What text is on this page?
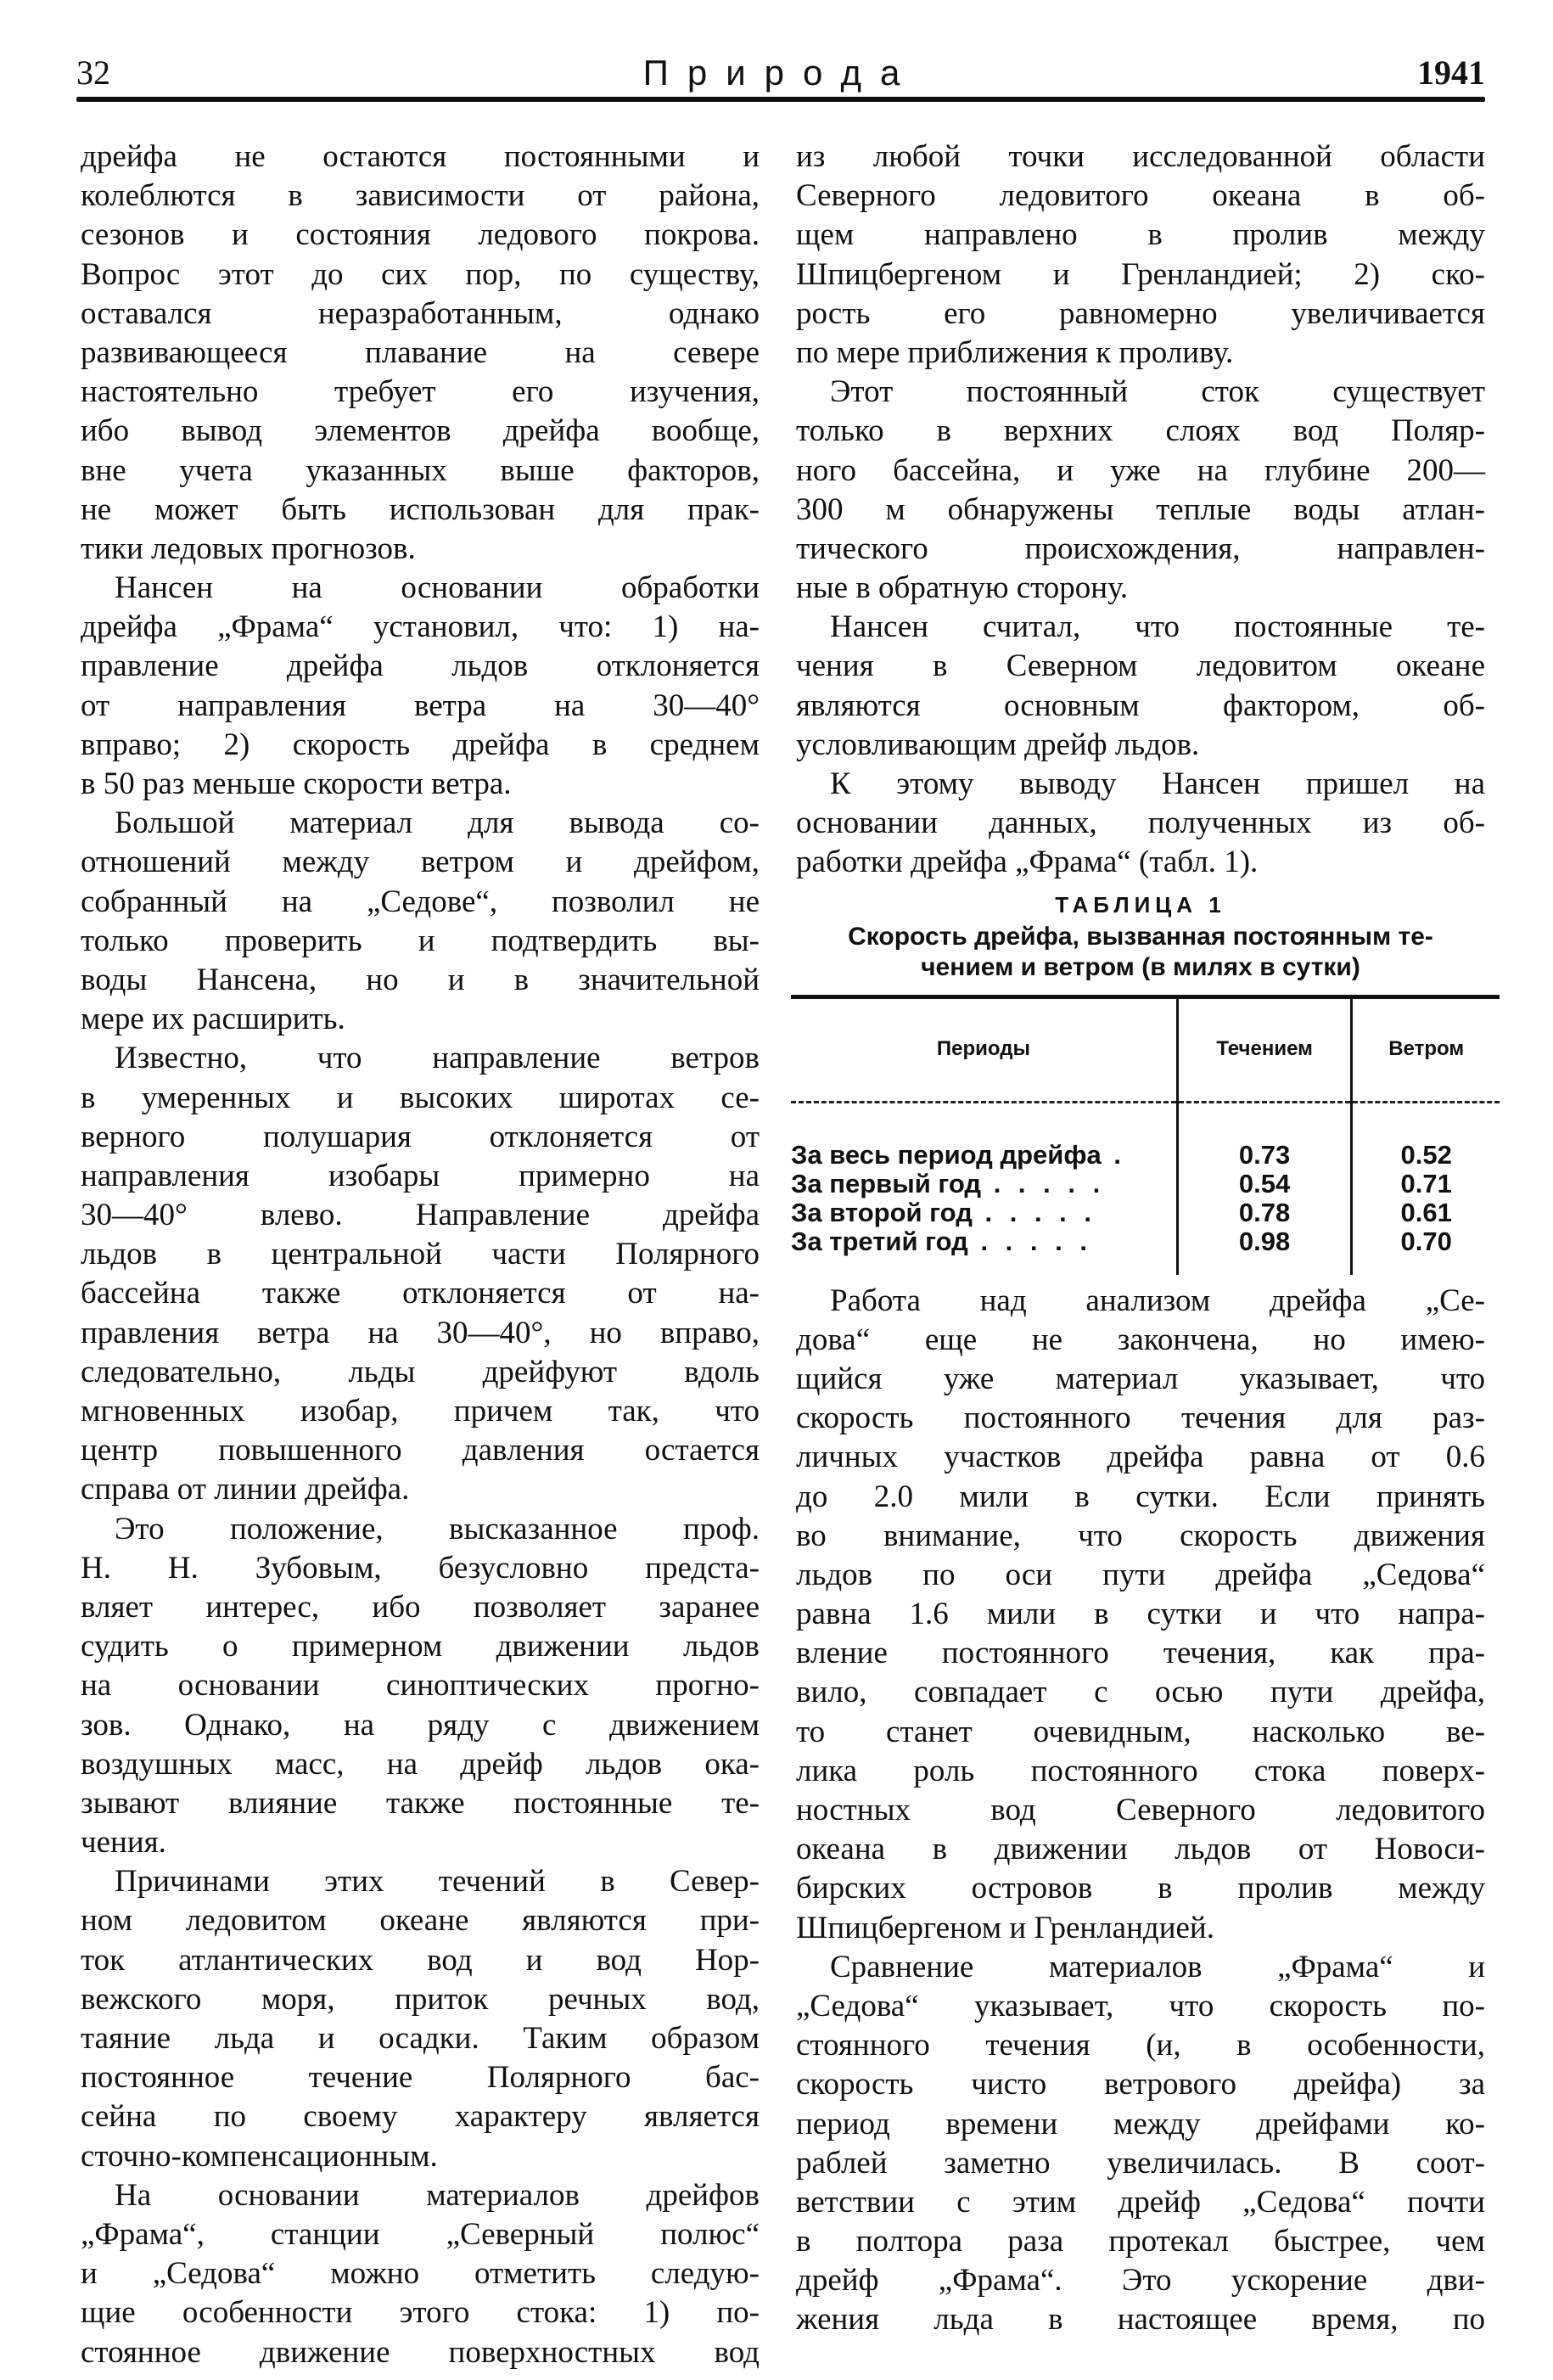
32	Природа	1941
дрейфа не остаются постоянными и
колеблются в зависимости от района,
сезонов и состояния ледового покрова.
Вопрос этот до сих пор, по существу,
оставался неразработанным, однако
развивающееся плавание на севере
настоятельно требует его изучения,
ибо вывод элементов дрейфа вообще,
вне учета указанных выше факторов,
не может быть использован для прак-
тики ледовых прогнозов.
Нансен на основании обработки
дрейфа „Фрама“ установил, что: 1) на-
правление дрейфа льдов отклоняется
от направления ветра на 30—40°
вправо; 2) скорость дрейфа в среднем
в 50 раз меньше скорости ветра.
Большой материал для вывода со-
отношений между ветром и дрейфом,
собранный на „Седове“, позволил не
только проверить и подтвердить вы-
воды Нансена, но и в значительной
мере их расширить.
Известно, что направление ветров
в умеренных и высоких широтах се-
верного полушария отклоняется от
направления изобары примерно на
30—40° влево. Направление дрейфа
льдов в центральной части Полярного
бассейна также отклоняется от на-
правления ветра на 30—40°, но вправо,
следовательно, льды дрейфуют вдоль
мгновенных изобар, причем так, что
центр повышенного давления остается
справа от линии дрейфа.
Это положение, высказанное проф.
Н. Н. Зубовым, безусловно предста-
вляет интерес, ибо позволяет заранее
судить о примерном движении льдов
на основании синоптических прогно-
зов. Однако, на ряду с движением
воздушных масс, на дрейф льдов ока-
зывают влияние также постоянные те-
чения.
Причинами этих течений в Север-
ном ледовитом океане являются при-
ток атлантических вод и вод Нор-
вежского моря, приток речных вод,
таяние льда и осадки. Таким образом
постоянное течение Полярного бас-
сейна по своему характеру является
сточно-компенсационным.
На основании материалов дрейфов
„Фрама“, станции „Северный полюс“
и „Седова“ можно отметить следую-
щие особенности этого стока: 1) по-
стоянное движение поверхностных вод
из любой точки исследованной области
Северного ледовитого океана в об-
щем направлено в пролив между
Шпицбергеном и Гренландией; 2) ско-
рость его равномерно увеличивается
по мере приближения к проливу.
Этот постоянный сток существует
только в верхних слоях вод Поляр-
ного бассейна, и уже на глубине 200—
300 м обнаружены теплые воды атлан-
тического происхождения, направлен-
ные в обратную сторону.
Нансен считал, что постоянные те-
чения в Северном ледовитом океане
являются основным фактором, об-
условливающим дрейф льдов.
К этому выводу Нансен пришел на
основании данных, полученных из об-
работки дрейфа „Фрама“ (табл. 1).
ТАБЛИЦА 1
Скорость дрейфа, вызванная постоянным те-
чением и ветром (в милях в сутки)
Периоды	Течением	Ветром
За весь период дрейфа .	0.73	0.52
За первый год . . . . .	0.54	0.71
За второй год . . . . .	0.78	0.61
За третий год . . . . .	0.98	0.70
Работа над анализом дрейфа „Се-
дова“ еще не закончена, но имею-
щийся уже материал указывает, что
скорость постоянного течения для раз-
личных участков дрейфа равна от 0.6
до 2.0 мили в сутки. Если принять
во внимание, что скорость движения
льдов по оси пути дрейфа „Седова“
равна 1.6 мили в сутки и что напра-
вление постоянного течения, как пра-
вило, совпадает с осью пути дрейфа,
то станет очевидным, насколько ве-
лика роль постоянного стока поверх-
ностных вод Северного ледовитого
океана в движении льдов от Новоси-
бирских островов в пролив между
Шпицбергеном и Гренландией.
Сравнение материалов „Фрама“ и
„Седова“ указывает, что скорость по-
стоянного течения (и, в особенности,
скорость чисто ветрового дрейфа) за
период времени между дрейфами ко-
раблей заметно увеличилась. В соот-
ветствии с этим дрейф „Седова“ почти
в полтора раза протекал быстрее, чем
дрейф „Фрама“. Это ускорение дви-
жения льда в настоящее время, по
